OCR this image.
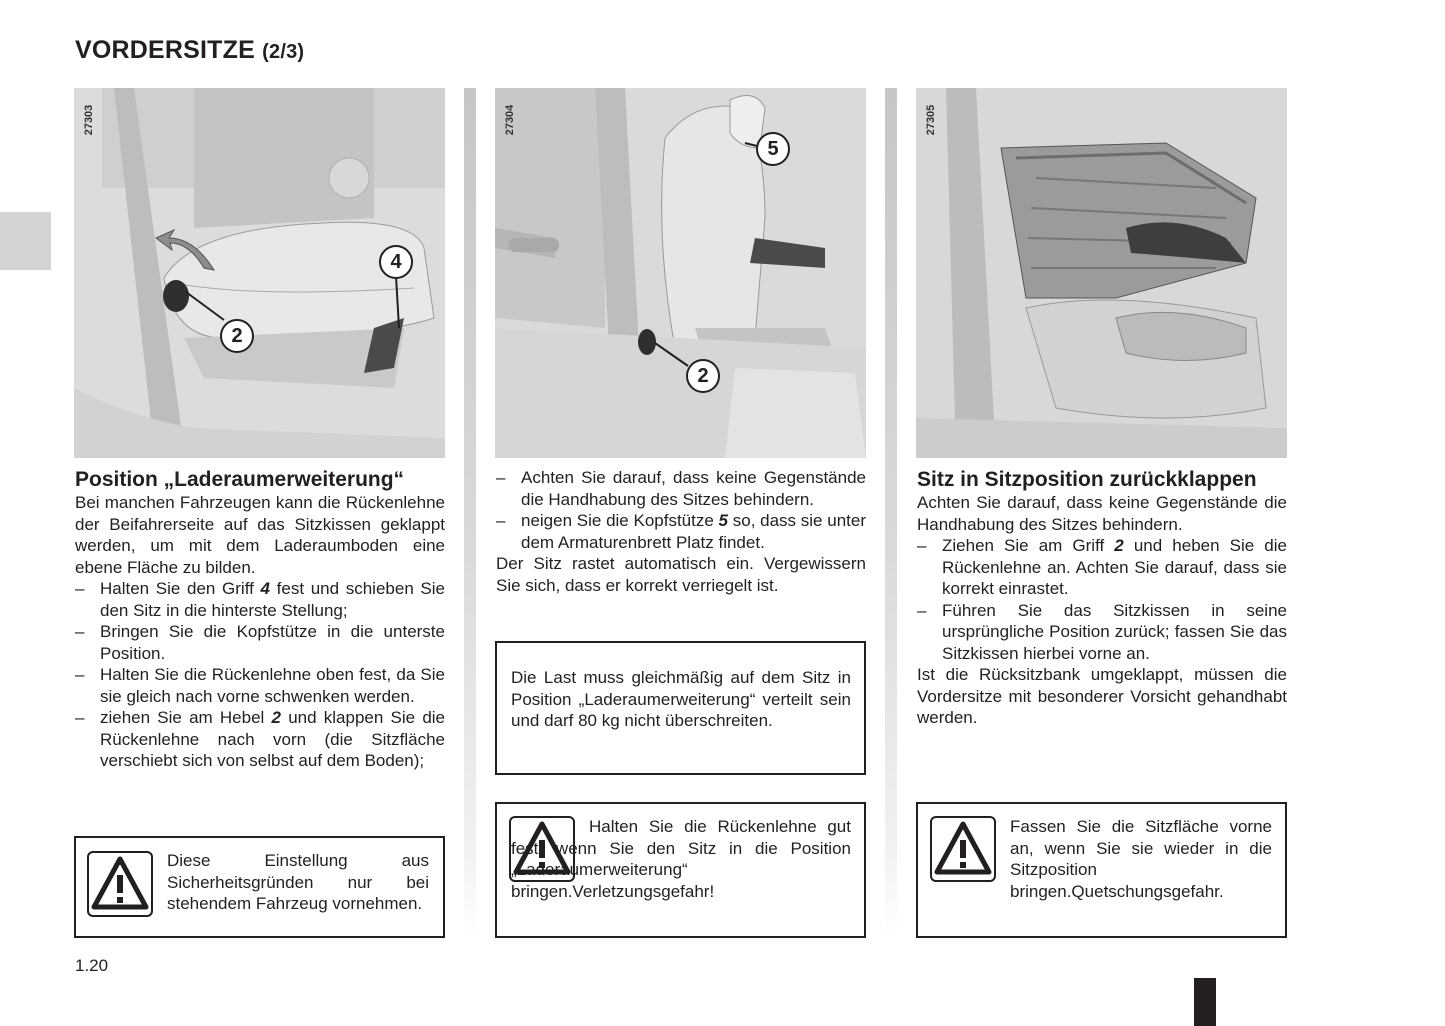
VORDERSITZE (2/3)
27303
4
2
27304
5
2
27305
Position „Laderaumerweiterung“

Bei manchen Fahrzeugen kann die Rückenlehne der Beifahrerseite auf das Sitzkissen geklappt werden, um mit dem Laderaumboden eine ebene Fläche zu bilden.

– Halten Sie den Griff 4 fest und schieben Sie den Sitz in die hinterste Stellung;
– Bringen Sie die Kopfstütze in die unterste Position.
– Halten Sie die Rückenlehne oben fest, da Sie sie gleich nach vorne schwenken werden.
– ziehen Sie am Hebel 2 und klappen Sie die Rückenlehne nach vorn (die Sitzfläche verschiebt sich von selbst auf dem Boden);
Diese Einstellung aus Sicherheitsgründen nur bei stehendem Fahrzeug vornehmen.
– Achten Sie darauf, dass keine Gegenstände die Handhabung des Sitzes behindern.
– neigen Sie die Kopfstütze 5 so, dass sie unter dem Armaturenbrett Platz findet.

Der Sitz rastet automatisch ein. Vergewissern Sie sich, dass er korrekt verriegelt ist.

Die Last muss gleichmäßig auf dem Sitz in Position „Laderaumerweiterung“ verteilt sein und darf 80 kg nicht überschreiten.
Halten Sie die Rückenlehne gut fest, wenn Sie den Sitz in die Position „Laderaumerweiterung“ bringen.Verletzungsgefahr!
Sitz in Sitzposition zurückklappen

Achten Sie darauf, dass keine Gegenstände die Handhabung des Sitzes behindern.

– Ziehen Sie am Griff 2 und heben Sie die Rückenlehne an. Achten Sie darauf, dass sie korrekt einrastet.
– Führen Sie das Sitzkissen in seine ursprüngliche Position zurück; fassen Sie das Sitzkissen hierbei vorne an.

Ist die Rücksitzbank umgeklappt, müssen die Vordersitze mit besonderer Vorsicht gehandhabt werden.

Fassen Sie die Sitzfläche vorne an, wenn Sie sie wieder in die Sitzposition bringen.Quetschungsgefahr.
1.20
